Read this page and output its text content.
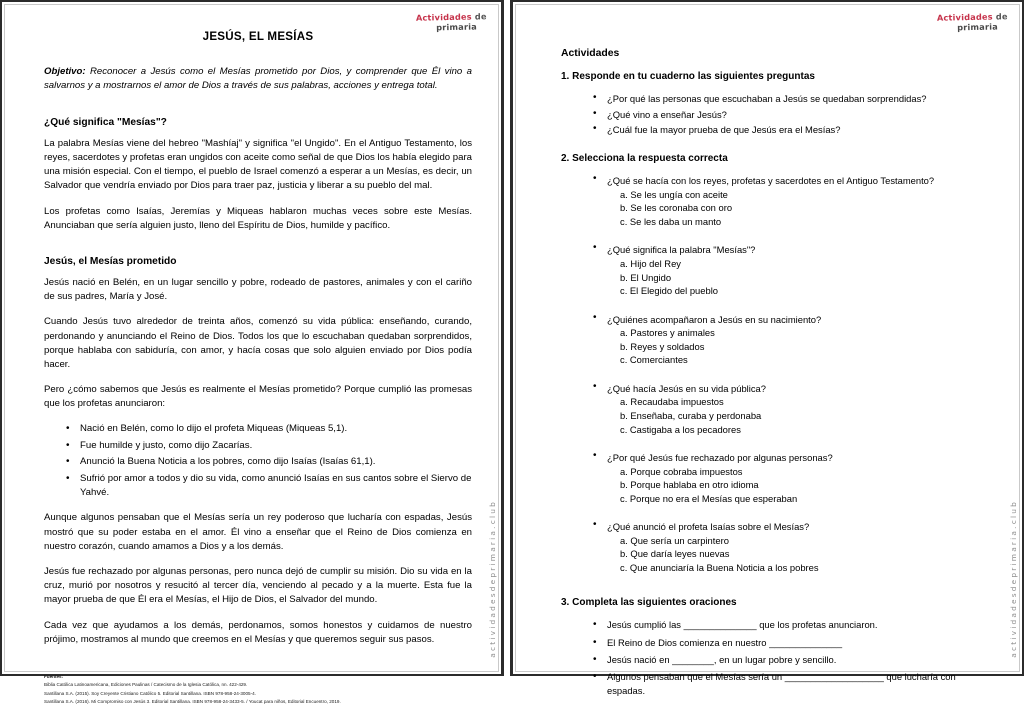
Actividades de
primaria
actividadesdeprimaria.club
JESÚS, EL MESÍAS

Objetivo: Reconocer a Jesús como el Mesías prometido por Dios, y comprender que Él vino a salvarnos y a mostrarnos el amor de Dios a través de sus palabras, acciones y entrega total.

¿Qué significa "Mesías"?

La palabra Mesías viene del hebreo "Mashíaj" y significa "el Ungido". En el Antiguo Testamento, los reyes, sacerdotes y profetas eran ungidos con aceite como señal de que Dios los había elegido para una misión especial. Con el tiempo, el pueblo de Israel comenzó a esperar a un Mesías, es decir, un Salvador que vendría enviado por Dios para traer paz, justicia y liberar a su pueblo del mal.

Los profetas como Isaías, Jeremías y Miqueas hablaron muchas veces sobre este Mesías. Anunciaban que sería alguien justo, lleno del Espíritu de Dios, humilde y pacífico.

Jesús, el Mesías prometido

Jesús nació en Belén, en un lugar sencillo y pobre, rodeado de pastores, animales y con el cariño de sus padres, María y José.

Cuando Jesús tuvo alrededor de treinta años, comenzó su vida pública: enseñando, curando, perdonando y anunciando el Reino de Dios. Todos los que lo escuchaban quedaban sorprendidos, porque hablaba con sabiduría, con amor, y hacía cosas que solo alguien enviado por Dios podía hacer.

Pero ¿cómo sabemos que Jesús es realmente el Mesías prometido? Porque cumplió las promesas que los profetas anunciaron:

• Nació en Belén, como lo dijo el profeta Miqueas (Miqueas 5,1).
• Fue humilde y justo, como dijo Zacarías.
• Anunció la Buena Noticia a los pobres, como dijo Isaías (Isaías 61,1).
• Sufrió por amor a todos y dio su vida, como anunció Isaías en sus cantos sobre el Siervo de Yahvé.

Aunque algunos pensaban que el Mesías sería un rey poderoso que lucharía con espadas, Jesús mostró que su poder estaba en el amor. Él vino a enseñar que el Reino de Dios comienza en nuestro corazón, cuando amamos a Dios y a los demás.

Jesús fue rechazado por algunas personas, pero nunca dejó de cumplir su misión. Dio su vida en la cruz, murió por nosotros y resucitó al tercer día, venciendo al pecado y a la muerte. Esta fue la mayor prueba de que Él era el Mesías, el Hijo de Dios, el Salvador del mundo.

Cada vez que ayudamos a los demás, perdonamos, somos honestos y cuidamos de nuestro prójimo, mostramos al mundo que creemos en el Mesías y que queremos seguir sus pasos.

Fuentes:
Biblia Católica Latinoamericana, Ediciones Paulinas / Catecismo de la Iglesia Católica, nn. 422-429.
Santillana S.A. (2015). Soy Creyente Cristiano Católico 5. Editorial Santillana. ISBN 978-958-24-3005-4.
Santillana S.A. (2016). Mi Compromiso con Jesús 3. Editorial Santillana. ISBN 978-958-24-3433-5. / Youcat para niños, Editorial Encuentro, 2019.
Actividades de
primaria
actividadesdeprimaria.club
Actividades
1. Responde en tu cuaderno las siguientes preguntas
• ¿Por qué las personas que escuchaban a Jesús se quedaban sorprendidas?
• ¿Qué vino a enseñar Jesús?
• ¿Cuál fue la mayor prueba de que Jesús era el Mesías?
2. Selecciona la respuesta correcta
• ¿Qué se hacía con los reyes, profetas y sacerdotes en el Antiguo Testamento?
a. Se les ungía con aceite
b. Se les coronaba con oro
c. Se les daba un manto
• ¿Qué significa la palabra "Mesías"?
a. Hijo del Rey
b. El Ungido
c. El Elegido del pueblo
• ¿Quiénes acompañaron a Jesús en su nacimiento?
a. Pastores y animales
b. Reyes y soldados
c. Comerciantes
• ¿Qué hacía Jesús en su vida pública?
a. Recaudaba impuestos
b. Enseñaba, curaba y perdonaba
c. Castigaba a los pecadores
• ¿Por qué Jesús fue rechazado por algunas personas?
a. Porque cobraba impuestos
b. Porque hablaba en otro idioma
c. Porque no era el Mesías que esperaban
• ¿Qué anunció el profeta Isaías sobre el Mesías?
a. Que sería un carpintero
b. Que daría leyes nuevas
c. Que anunciaría la Buena Noticia a los pobres
3. Completa las siguientes oraciones
• Jesús cumplió las ______________ que los profetas anunciaron.
• El Reino de Dios comienza en nuestro ______________
• Jesús nació en ________, en un lugar pobre y sencillo.
• Algunos pensaban que el Mesías sería un ___________________ que lucharía con espadas.
